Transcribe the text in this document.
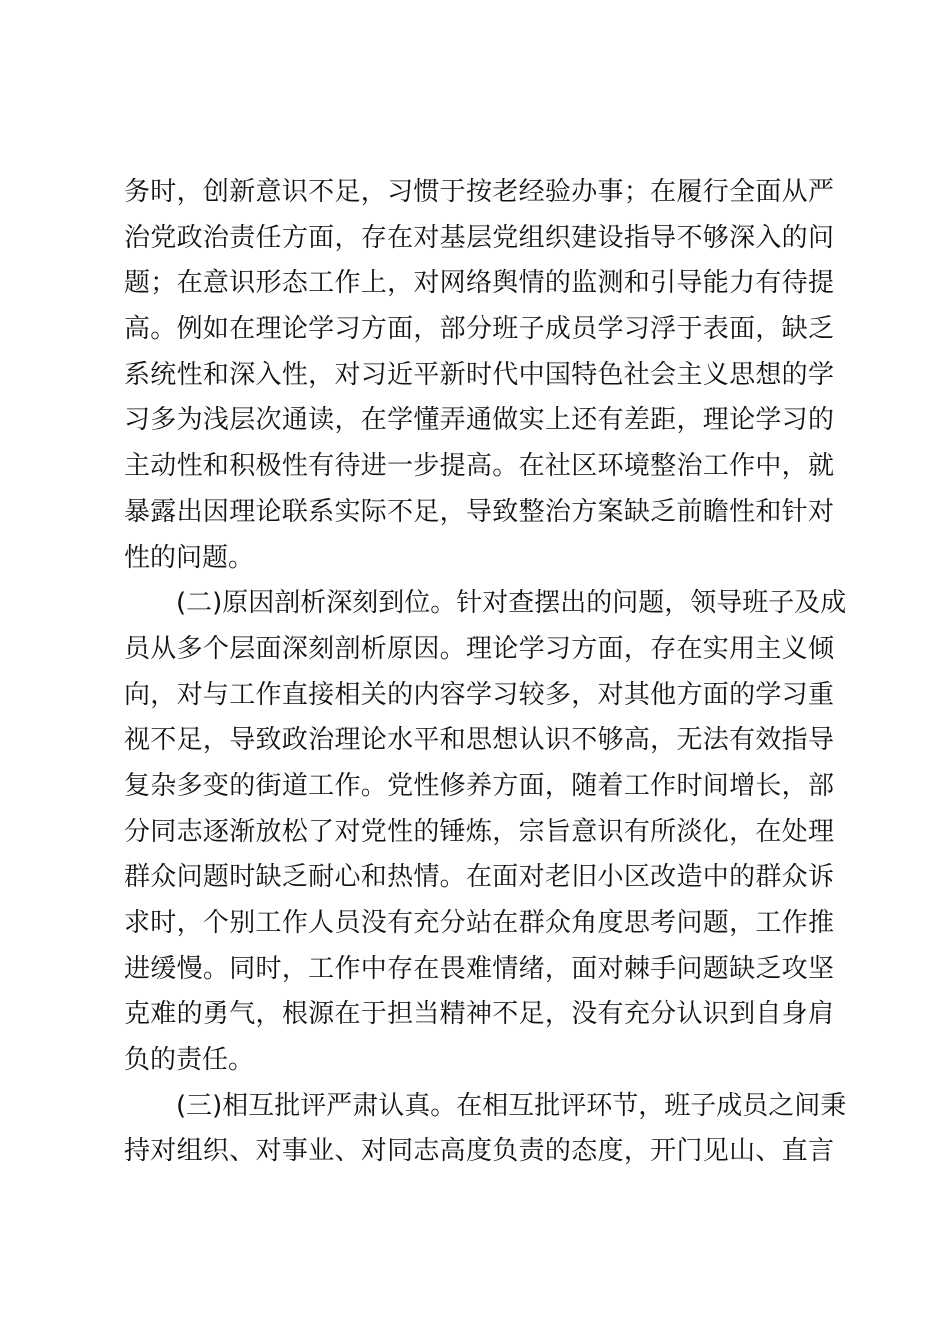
务时，创新意识不足，习惯于按老经验办事；在履行全面从严
治党政治责任方面，存在对基层党组织建设指导不够深入的问
题；在意识形态工作上，对网络舆情的监测和引导能力有待提
高。例如在理论学习方面，部分班子成员学习浮于表面，缺乏
系统性和深入性，对习近平新时代中国特色社会主义思想的学
习多为浅层次通读，在学懂弄通做实上还有差距，理论学习的
主动性和积极性有待进一步提高。在社区环境整治工作中，就
暴露出因理论联系实际不足，导致整治方案缺乏前瞻性和针对
性的问题。
(二)原因剖析深刻到位。针对查摆出的问题，领导班子及成
员从多个层面深刻剖析原因。理论学习方面，存在实用主义倾
向，对与工作直接相关的内容学习较多，对其他方面的学习重
视不足，导致政治理论水平和思想认识不够高，无法有效指导
复杂多变的街道工作。党性修养方面，随着工作时间增长，部
分同志逐渐放松了对党性的锤炼，宗旨意识有所淡化，在处理
群众问题时缺乏耐心和热情。在面对老旧小区改造中的群众诉
求时，个别工作人员没有充分站在群众角度思考问题，工作推
进缓慢。同时，工作中存在畏难情绪，面对棘手问题缺乏攻坚
克难的勇气，根源在于担当精神不足，没有充分认识到自身肩
负的责任。
(三)相互批评严肃认真。在相互批评环节，班子成员之间秉
持对组织、对事业、对同志高度负责的态度，开门见山、直言
